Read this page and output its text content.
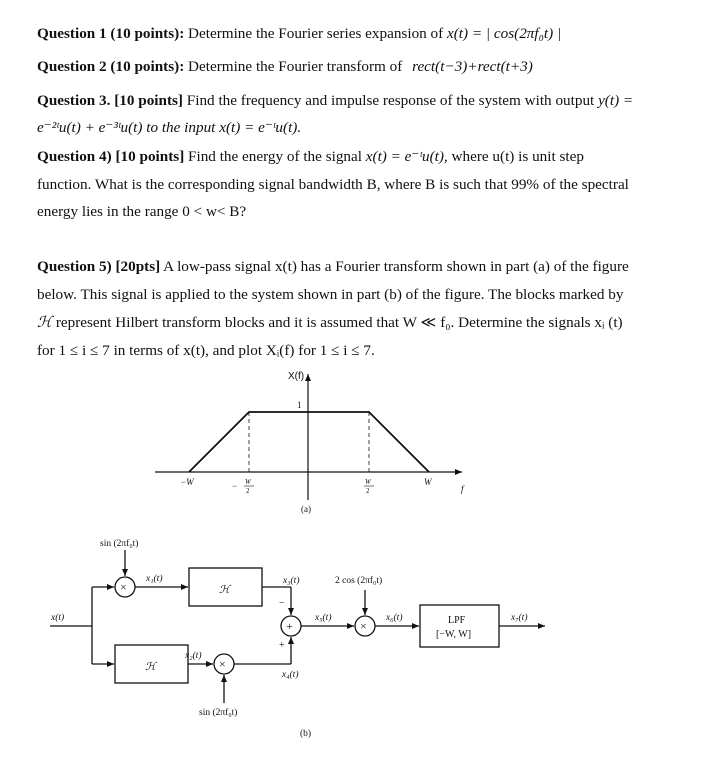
Question 1 (10 points): Determine the Fourier series expansion of x(t) = | cos(2πf₀t) |
Question 2 (10 points): Determine the Fourier transform of rect(t−3)+rect(t+3)
Question 3. [10 points] Find the frequency and impulse response of the system with output y(t) =
e⁻²ᵗu(t) + e⁻³ᵗu(t) to the input x(t) = e⁻ᵗu(t).
Question 4) [10 points] Find the energy of the signal x(t) = e⁻ᵗu(t), where u(t) is unit step
function. What is the corresponding signal bandwidth B, where B is such that 99% of the spectral
energy lies in the range 0 < w< B?
Question 5) [20pts] A low-pass signal x(t) has a Fourier transform shown in part (a) of the figure
below. This signal is applied to the system shown in part (b) of the figure. The blocks marked by
ℋ represent Hilbert transform blocks and it is assumed that W ≪ f₀. Determine the signals xᵢ (t)
for 1 ≤ i ≤ 7 in terms of x(t), and plot Xᵢ(f) for 1 ≤ i ≤ 7.
X(f)
1
−W	W
− W
2
W
2	f
(a)
×
+	×
×
sin (2πf₀t)
x₁(t)
ℋ
x₃(t)	2 cos (2πf₀t)
x(t)
−
+
x₅(t)	x₆(t)	LPF
[−W, W]
x₇(t)
ℋ
x₂(t)
x₄(t)
sin (2πf₀t)
(b)
